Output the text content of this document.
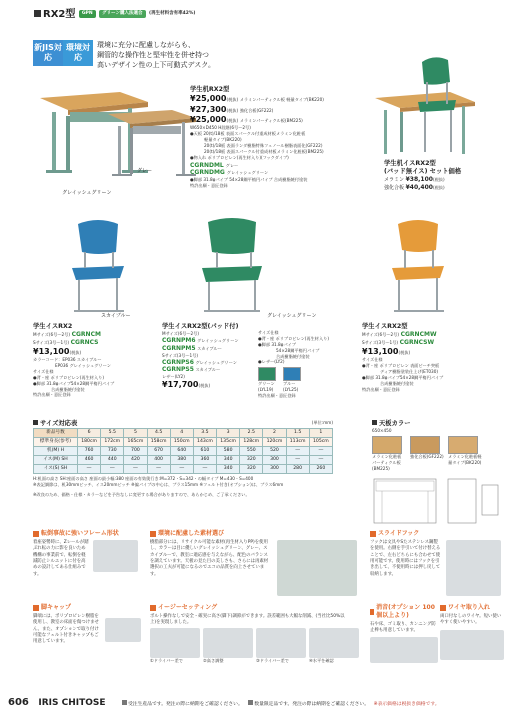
RX2型 GPN グリーン購入法適合 (再生材料含有率42%)
新JIS対応
環境対応
環境に充分に配慮しながらも、
鋼管的な操作性と堅牢性を併せ持つ
高いデザイン性の上下可動式デスク。
グレイッシュグリーン
グレー
学生机RX2型
¥25,000(税抜) メラミンパーティクル板 軽量タイプ(BK220)
¥27,300(税抜) 強化合板(GF222)
¥25,000(税抜) メラミンパーティクル板(BM225)
W650×D450 H段階(6号～2号)
●天板 20(t)/18板 表面スパークル付重成材板メラミン化粧板
軽量タイプ(BK220)
20(t)/18板 表面ランダ樹脂特殊フェノール樹脂表面化(GF222)
20(t)/18板 表面スパークル付重成材板メラミン化粧板(BM225)
●物入れ ポリプロピレン(再生材入り)(フックダイプ)
CGRNDML グレー
CGRNDMG グレイッシュグリーン
●脚部 31.8φパイプ 54×28鋼平楕円パイプ 合成樹脂焼付塗装
特許出願・意匠登録
学生机イスRX2型
(バッド無イス) セット価格
メラミン ¥38,100(税抜)
強化合板 ¥40,400(税抜)
スカイブルー	グレイッシュグリーン
学生イスRX2
Mサイズ(6号～2号) CGRNCM
Sサイズ(3号～1号) CGRNCS
¥13,100(税抜)
カラーコード：EP036 スカイブルー
EP036 グレイッシュグリーン
サイズ仕様
●背・座 ポリプロピレン(再生材入り)
●脚部 31.8φパイプ54×28鋼平楕円パイプ
合成樹脂焼付塗装
特許出願・意匠登録
学生イスRX2型(パッド付)
Mサイズ(6号～2号)
CGRNPM6 グレイッシュグリーン
CGRNPM5 スカイブルー
Sサイズ(3号～1号)
CGRNPS6 グレイッシュグリーン
CGRNPS5 スカイブルー
レザー(LY2)
¥17,700(税抜)
サイズ仕様
●背・座 ポリプロピレン(再生材入り)
●脚部 31.8φパイプ
54×28鋼平楕円パイプ
合成樹脂焼付塗装
●レザー(LY2)
グリーン(LYL19)
ブルー(LYL25)
特許出願・意匠登録
学生イスRX2型
Mサイズ(6号～2号) CGRNCMW
Sサイズ(3号～1号) CGRNCSW
¥13,100(税抜)
サイズ仕様
●背・座 ポリプロピレン 表面ビーチ突板
ディア樹脂塗装仕上げ(ET030)
●脚部 31.8φパイプ54×28鋼平楕円パイプ
合成樹脂焼付塗装
特許出願・意匠登録
サイズ対応表	(単位:mm)
新品号数	6	5.5	5	4.5	4	3.5	3	2.5	2	1.5	1
標準身長(参考)	180cm	172cm	165cm	158cm	150cm	143cm	135cm	128cm	120cm	113cm	105cm
机(M) H	760	730	700	670	640	610	580	550	520	―	―
イス(M) SH	460	440	420	400	380	360	340	320	300	―	―
イス(S) SH	―	―	―	―	―	―	340	320	300	280	260
H:机面の高さ SH:座面の高さ 座面の最小幅:380 座面の有効奥行き:M=372・S=342・の幅タイプ M=430・S=400
※表記調節は、机30mmピッチ、イス20mmピッチ ※偏パイプの中心は、プラス15mm ※フェルト付き(オプション)は、プラス6mm
※改良のため、価格・仕様・カラーなどを予告なしに変更する場合がありますので、あらかじめ、ご了承ください。
天板カラー
650×450
メラミン化粧板 パーティクル板(BM225)
強化合板(GF222) メラミン化粧板軽量タイプ(BK220)
転倒事故に強いフレーム形状
着座姿勢時に、Zレールが踏ぶれ転の力に影を良いため機構の事業前で、転倒を軽減防止シルエットに付を高めの設計してある仕組みです。
環境に配慮した素材選び
樹脂部分には、リサイクル可能な素材(再生材入りPP)を使用し、カラーは目に優しいグレイッシュグリーン、グレー、スカイブルーで、教室に適応感を与えながら、配色のバランスを調えています。天板の見た目の美しさも、さらには再素材選択の工夫が可能になるのでエコの品質を向上させています。
スライドフック
フックは文具やSたステンレス鋼製を使用。右側を手引いて付け替えることで、左右どちらにも合わせて使用可能です。使用時にはフックを引き出して、不使用時には押し戻して収納します。
脚キャップ
脚端には、ポリプロピレン樹脂を使用し、教室の床面を傷つけません。また、オプションで取り付け可能なフェルト付きキャップもご用意しています。
イージーセッティング
ボルト操作なしで安全・確実に高さ(脚下)調節ができます。誤差範囲も大幅な削減、(当社比50%以上)を実現しました。
①ドライバー差で	②高さ調整	③ドライバー差で	④水平を確認
消音(オプション 100個以上より)
石や床、ゴミ取り、カンニング防止棒も用意しています。
ワイヤ取り入れ
両口付なしのワイヤ。短い使いやすく使いやすい。
606 IRIS CHITOSE	受注生産品です。発注の際に納期をご確認ください。 数量限定品です。発注の際は納期をご確認ください。 ※表示価格は税抜き価格です。
